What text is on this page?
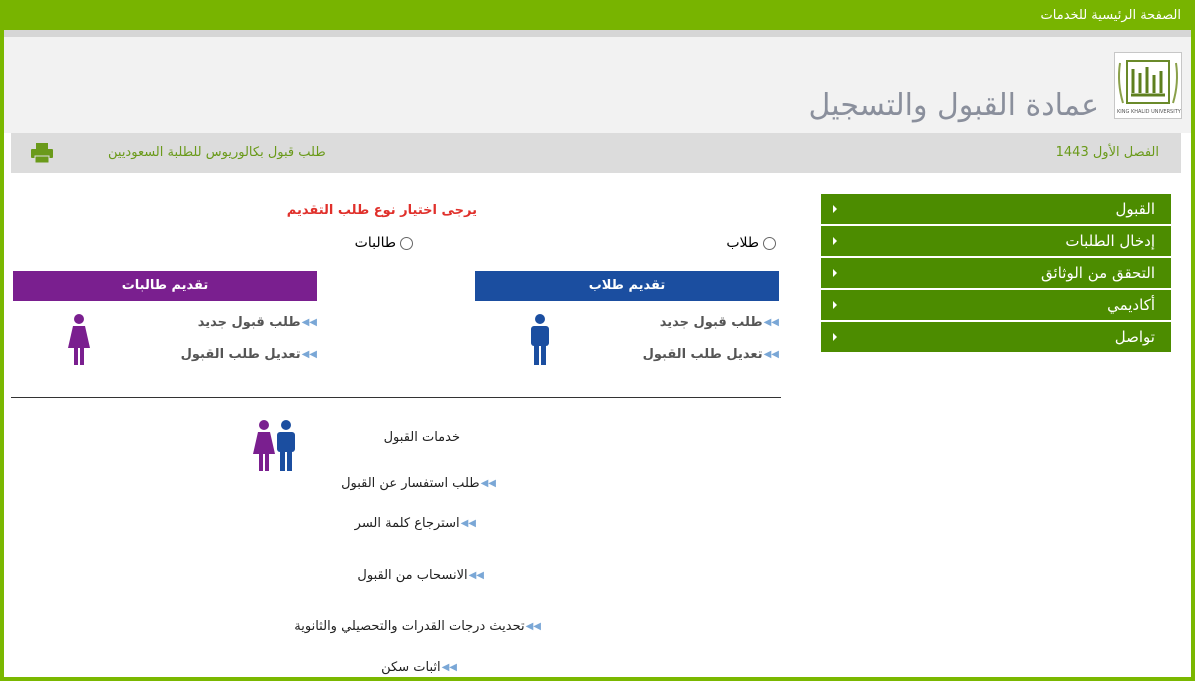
الصفحة الرئيسية للخدمات
KING KHALID UNIVERSITY
عمادة القبول والتسجيل
الفصل الأول 1443
طلب قبول بكالوريوس للطلبة السعوديين
القبول
إدخال الطلبات
التحقق من الوثائق
أكاديمي
تواصل
يرجى اختيار نوع طلب التقديم
طلاب
طالبات
تقديم طلاب
تقديم طالبات
◀◀
طلب قبول جديد
◀◀
تعديل طلب القبول
◀◀
طلب قبول جديد
◀◀
تعديل طلب القبول
خدمات القبول
◀◀
طلب استفسار عن القبول
◀◀
استرجاع كلمة السر
◀◀
الانسحاب من القبول
◀◀
تحديث درجات القدرات والتحصيلي والثانوية
◀◀
اثبات سكن
